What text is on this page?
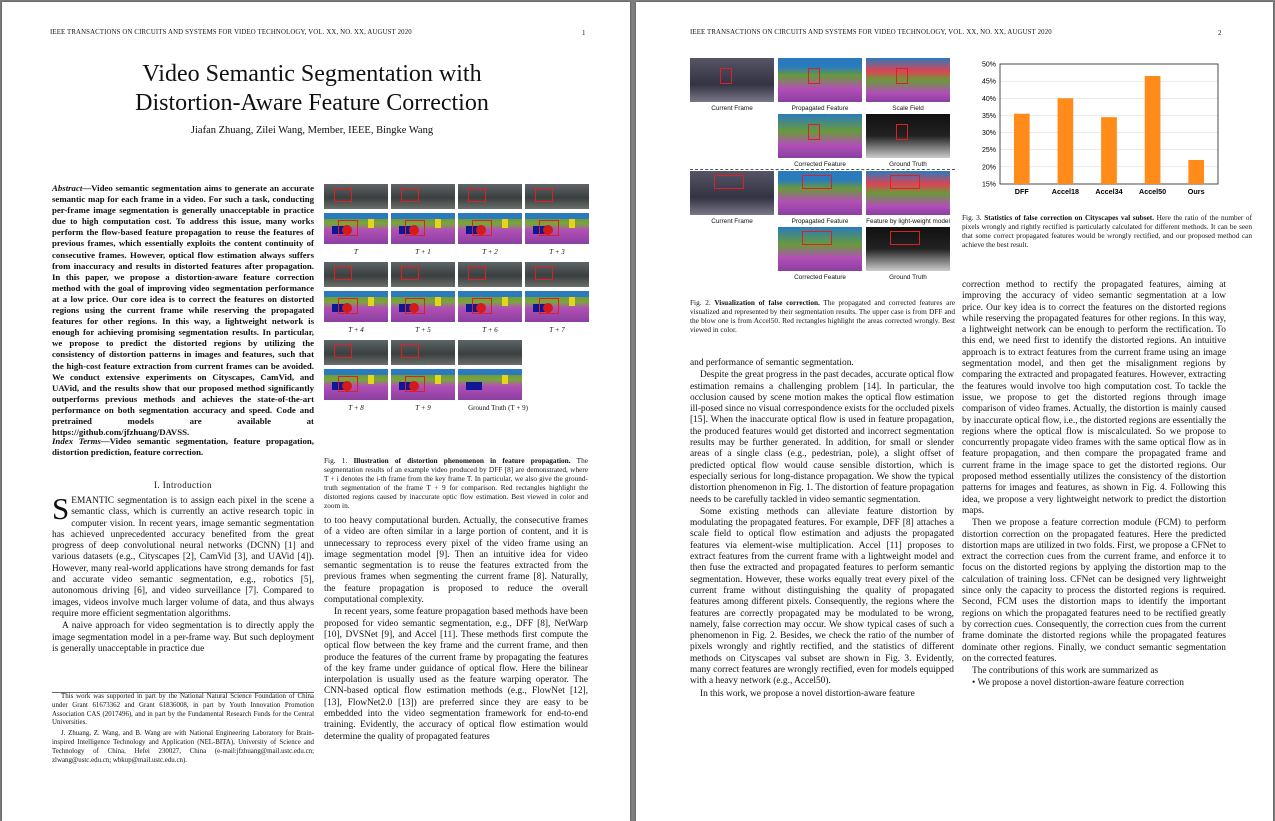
IEEE TRANSACTIONS ON CIRCUITS AND SYSTEMS FOR VIDEO TECHNOLOGY, VOL. XX, NO. XX, AUGUST 2020	1
Video Semantic Segmentation with
Distortion-Aware Feature Correction
Jiafan Zhuang, Zilei Wang, Member, IEEE, Bingke Wang
Abstract—Video semantic segmentation aims to generate an accurate semantic map for each frame in a video. For such a task, conducting per-frame image segmentation is generally unacceptable in practice due to high computation cost. To address this issue, many works perform the flow-based feature propagation to reuse the features of previous frames, which essentially exploits the content continuity of consecutive frames. However, optical flow estimation always suffers from inaccuracy and results in distorted features after propagation. In this paper, we propose a distortion-aware feature correction method with the goal of improving video segmentation performance at a low price. Our core idea is to correct the features on distorted regions using the current frame while reserving the propagated features for other regions. In this way, a lightweight network is enough for achieving promising segmentation results. In particular, we propose to predict the distorted regions by utilizing the consistency of distortion patterns in images and features, such that the high-cost feature extraction from current frames can be avoided. We conduct extensive experiments on Cityscapes, CamVid, and UAVid, and the results show that our proposed method significantly outperforms previous methods and achieves the state-of-the-art performance on both segmentation accuracy and speed. Code and pretrained models are available at https://github.com/jfzhuang/DAVSS.
Index Terms—Video semantic segmentation, feature propagation, distortion prediction, feature correction.
I. Introduction

SEMANTIC segmentation is to assign each pixel in the scene a semantic class, which is currently an active research topic in computer vision. In recent years, image semantic segmentation has achieved unprecedented accuracy benefited from the great progress of deep convolutional neural networks (DCNN) [1] and various datasets (e.g., Cityscapes [2], CamVid [3], and UAVid [4]). However, many real-world applications have strong demands for fast and accurate video semantic segmentation, e.g., robotics [5], autonomous driving [6], and video surveillance [7]. Compared to images, videos involve much larger volume of data, and thus always require more efficient segmentation algorithms.

A naive approach for video segmentation is to directly apply the image segmentation model in a per-frame way. But such deployment is generally unacceptable in practice due

This work was supported in part by the National Natural Science Foundation of China under Grant 61673362 and Grant 61836008, in part by Youth Innovation Promotion Association CAS (2017496), and in part by the Fundamental Research Funds for the Central Universities.

J. Zhuang, Z. Wang, and B. Wang are with National Engineering Laboratory for Brain-inspired Intelligence Technology and Application (NEL-BITA), University of Science and Technology of China, Hefei 230027, China (e-mail:jfzhuang@mail.ustc.edu.cn; zlwang@ustc.edu.cn; wbkup@mail.ustc.edu.cn).

T	T + 1	T + 2	T + 3
T + 4	T + 5	T + 6	T + 7
T + 8	T + 9	Ground Truth (T + 9)
Fig. 1. Illustration of distortion phenomenon in feature propagation. The segmentation results of an example video produced by DFF [8] are demonstrated, where T + i denotes the i-th frame from the key frame T. In particular, we also give the ground-truth segmentation of the frame T + 9 for comparison. Red rectangles highlight the distorted regions caused by inaccurate optic flow estimation. Best viewed in color and zoom in.

to too heavy computational burden. Actually, the consecutive frames of a video are often similar in a large portion of content, and it is unnecessary to reprocess every pixel of the video frame using an image segmentation model [9]. Then an intuitive idea for video semantic segmentation is to reuse the features extracted from the previous frames when segmenting the current frame [8]. Naturally, the feature propagation is proposed to reduce the overall computational complexity.

In recent years, some feature propagation based methods have been proposed for video semantic segmentation, e.g., DFF [8], NetWarp [10], DVSNet [9], and Accel [11]. These methods first compute the optical flow between the key frame and the current frame, and then produce the features of the current frame by propagating the features of the key frame under guidance of optical flow. Here the bilinear interpolation is usually used as the feature warping operator. The CNN-based optical flow estimation methods (e.g., FlowNet [12], [13], FlowNet2.0 [13]) are preferred since they are easy to be embedded into the video segmentation framework for end-to-end training. Evidently, the accuracy of optical flow estimation would determine the quality of propagated features

IEEE TRANSACTIONS ON CIRCUITS AND SYSTEMS FOR VIDEO TECHNOLOGY, VOL. XX, NO. XX, AUGUST 2020	2
Current Frame	Propagated Feature	Scale Field
Corrected Feature	Ground Truth
Current Frame	Propagated Feature	Feature by light-weight model
Corrected Feature	Ground Truth
Fig. 2. Visualization of false correction. The propagated and corrected features are visualized and represented by their segmentation results. The upper case is from DFF and the blow one is from Accel50. Red rectangles highlight the areas corrected wrongly. Best viewed in color.
15%
20%
25%
30%
35%
40%
45%
50%
DFF	Accel18 Accel34 Accel50	Ours
Fig. 3. Statistics of false correction on Cityscapes val subset. Here the ratio of the number of pixels wrongly and rightly rectified is particularly calculated for different methods. It can be seen that some correct propagated features would be wrongly rectified, and our proposed method can achieve the best result.

and performance of semantic segmentation.

Despite the great progress in the past decades, accurate optical flow estimation remains a challenging problem [14]. In particular, the occlusion caused by scene motion makes the optical flow estimation ill-posed since no visual correspondence exists for the occluded pixels [15]. When the inaccurate optical flow is used in feature propagation, the produced features would get distorted and incorrect segmentation results may be further generated. In addition, for small or slender areas of a single class (e.g., pedestrian, pole), a slight offset of predicted optical flow would cause sensible distortion, which is especially serious for long-distance propagation. We show the typical distortion phenomenon in Fig. 1. The distortion of feature propagation needs to be carefully tackled in video semantic segmentation.

Some existing methods can alleviate feature distortion by modulating the propagated features. For example, DFF [8] attaches a scale field to optical flow estimation and adjusts the propagated features via element-wise multiplication. Accel [11] proposes to extract features from the current frame with a lightweight model and then fuse the extracted and propagated features to perform semantic segmentation. However, these works equally treat every pixel of the current frame without distinguishing the quality of propagated features among different pixels. Consequently, the regions where the features are correctly propagated may be modulated to be wrong, namely, false correction may occur. We show typical cases of such a phenomenon in Fig. 2. Besides, we check the ratio of the number of pixels wrongly and rightly rectified, and the statistics of different methods on Cityscapes val subset are shown in Fig. 3. Evidently, many correct features are wrongly rectified, even for models equipped with a heavy network (e.g., Accel50).

In this work, we propose a novel distortion-aware feature

correction method to rectify the propagated features, aiming at improving the accuracy of video semantic segmentation at a low price. Our key idea is to correct the features on the distorted regions while reserving the propagated features for other regions. In this way, a lightweight network can be enough to perform the rectification. To this end, we need first to identify the distorted regions. An intuitive approach is to extract features from the current frame using an image segmentation model, and then get the misalignment regions by comparing the extracted and propagated features. However, extracting the features would involve too high computation cost. To tackle the issue, we propose to get the distorted regions through image comparison of video frames. Actually, the distortion is mainly caused by inaccurate optical flow, i.e., the distorted regions are essentially the regions where the optical flow is miscalculated. So we propose to concurrently propagate video frames with the same optical flow as in feature propagation, and then compare the propagated frame and current frame in the image space to get the distorted regions. Our proposed method essentially utilizes the consistency of the distortion patterns for images and features, as shown in Fig. 4. Following this idea, we propose a very lightweight network to predict the distortion maps.

Then we propose a feature correction module (FCM) to perform distortion correction on the propagated features. Here the predicted distortion maps are utilized in two folds. First, we propose a CFNet to extract the correction cues from the current frame, and enforce it to focus on the distorted regions by applying the distortion map to the calculation of training loss. CFNet can be designed very lightweight since only the capacity to process the distorted regions is required. Second, FCM uses the distortion maps to identify the important regions on which the propagated features need to be rectified greatly by correction cues. Consequently, the correction cues from the current frame dominate the distorted regions while the propagated features dominate other regions. Finally, we conduct semantic segmentation on the corrected features.

The contributions of this work are summarized as

• We propose a novel distortion-aware feature correction
